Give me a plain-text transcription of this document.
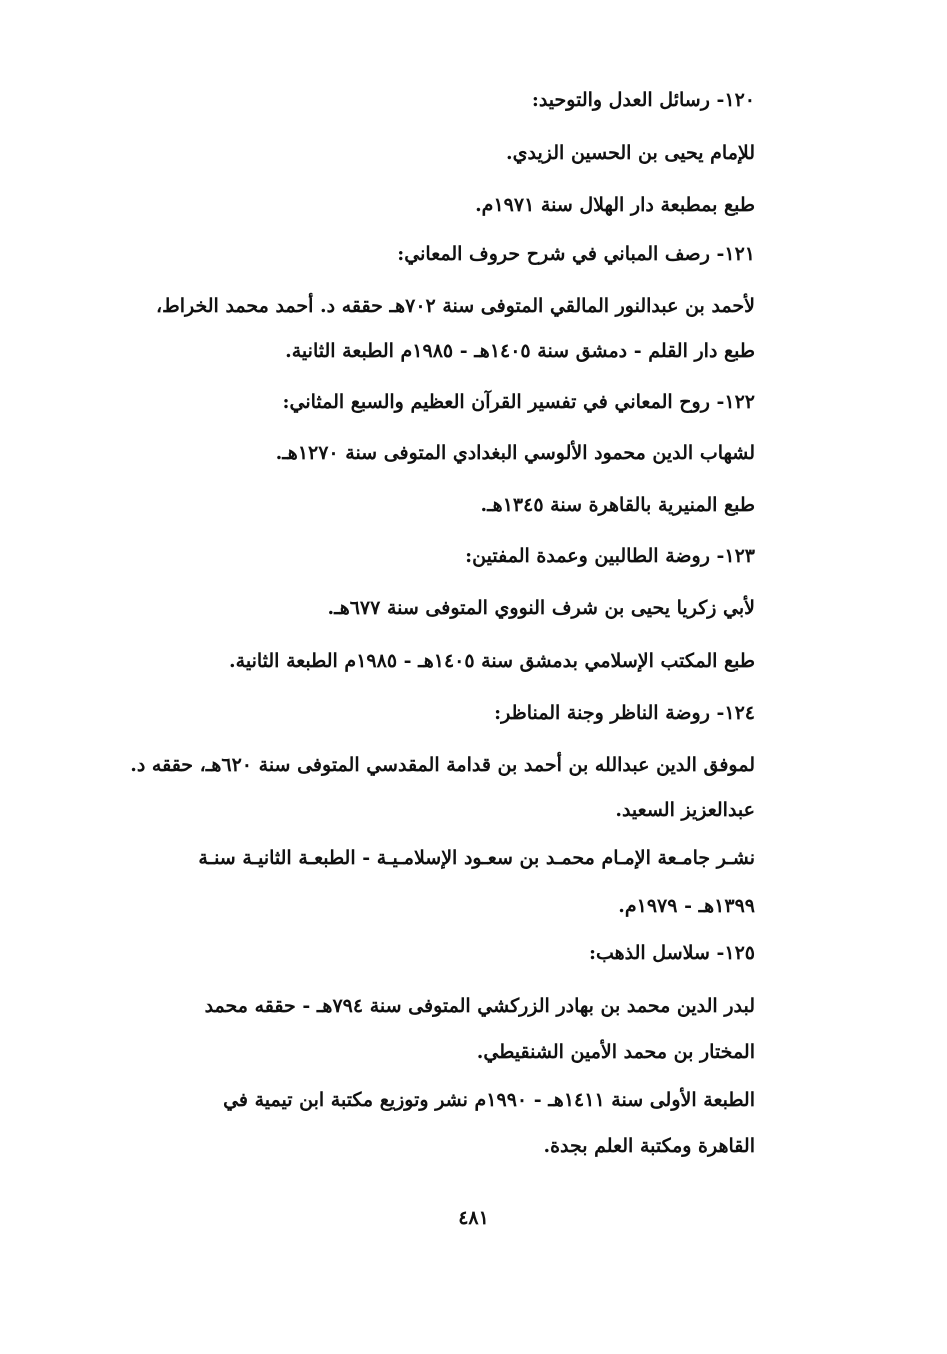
١٢٠- رسائل العدل والتوحيد:
للإمام يحيى بن الحسين الزيدي.
طبع بمطبعة دار الهلال سنة ١٩٧١م.
١٢١- رصف المباني في شرح حروف المعاني:
لأحمد بن عبدالنور المالقي المتوفى سنة ٧٠٢هـ حققه د. أحمد محمد الخراط،
طبع دار القلم - دمشق سنة ١٤٠٥هـ - ١٩٨٥م الطبعة الثانية.
١٢٢- روح المعاني في تفسير القرآن العظيم والسبع المثاني:
لشهاب الدين محمود الألوسي البغدادي المتوفى سنة ١٢٧٠هـ.
طبع المنيرية بالقاهرة سنة ١٣٤٥هـ.
١٢٣- روضة الطالبين وعمدة المفتين:
لأبي زكريا يحيى بن شرف النووي المتوفى سنة ٦٧٧هـ.
طبع المكتب الإسلامي بدمشق سنة ١٤٠٥هـ - ١٩٨٥م الطبعة الثانية.
١٢٤- روضة الناظر وجنة المناظر:
لموفق الدين عبدالله بن أحمد بن قدامة المقدسي المتوفى سنة ٦٢٠هـ، حققه د.
عبدالعزيز السعيد.
نشـر جامـعة الإمـام محمـد بن سعـود الإسلامـيـة - الطبعـة الثانيـة سنـة
١٣٩٩هـ - ١٩٧٩م.
١٢٥- سلاسل الذهب:
لبدر الدين محمد بن بهادر الزركشي المتوفى سنة ٧٩٤هـ - حققه محمد
المختار بن محمد الأمين الشنقيطي.
الطبعة الأولى سنة ١٤١١هـ - ١٩٩٠م نشر وتوزيع مكتبة ابن تيمية في
القاهرة ومكتبة العلم بجدة.
٤٨١
